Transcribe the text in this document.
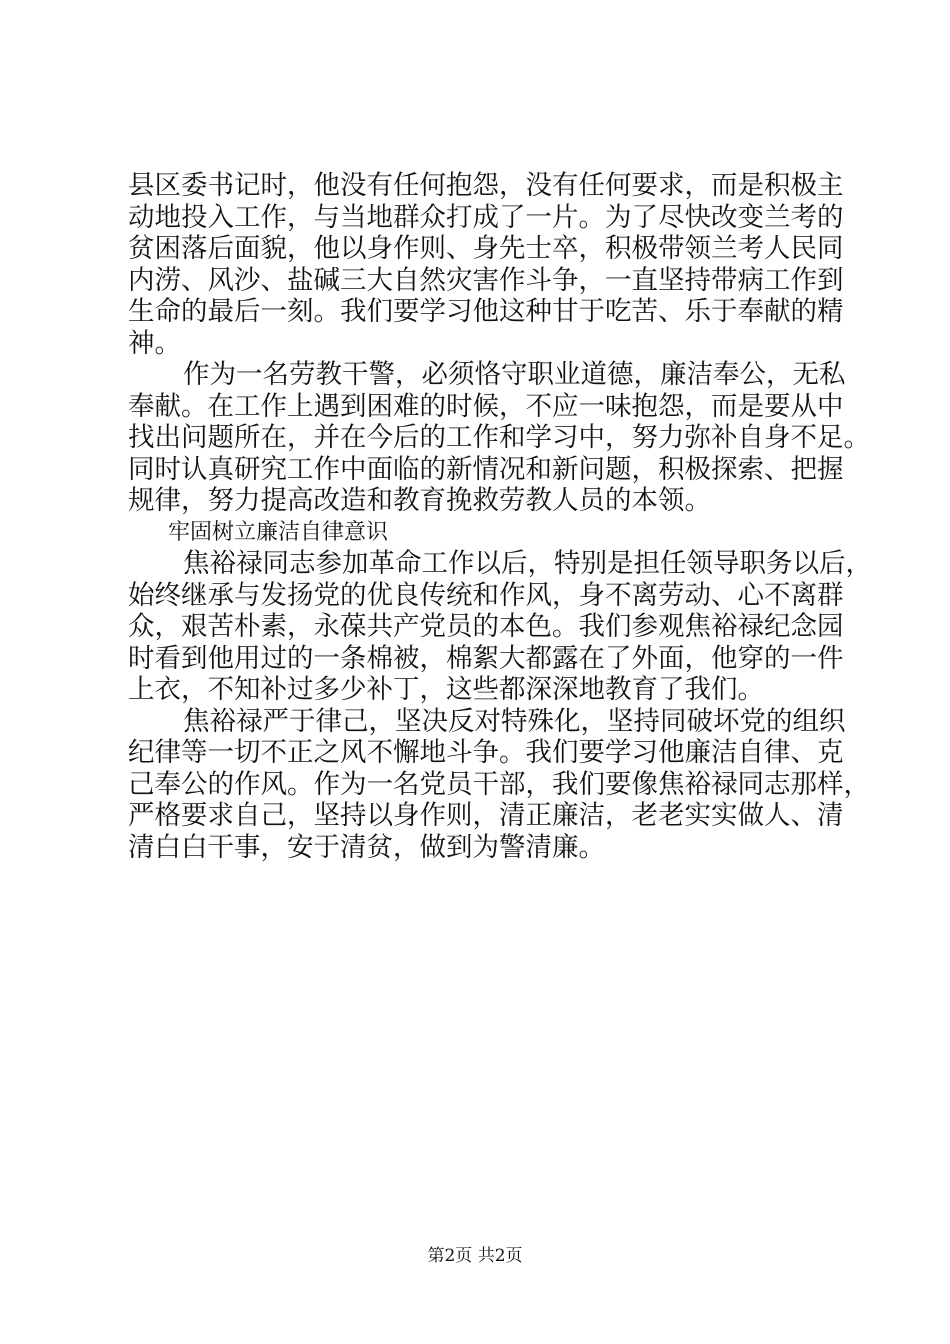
县区委书记时，他没有任何抱怨，没有任何要求，而是积极主
动地投入工作，与当地群众打成了一片。为了尽快改变兰考的
贫困落后面貌，他以身作则、身先士卒，积极带领兰考人民同
内涝、风沙、盐碱三大自然灾害作斗争，一直坚持带病工作到
生命的最后一刻。我们要学习他这种甘于吃苦、乐于奉献的精
神。
作为一名劳教干警，必须恪守职业道德，廉洁奉公，无私
奉献。在工作上遇到困难的时候，不应一味抱怨，而是要从中
找出问题所在，并在今后的工作和学习中，努力弥补自身不足。
同时认真研究工作中面临的新情况和新问题，积极探索、把握
规律，努力提高改造和教育挽救劳教人员的本领。
牢固树立廉洁自律意识
焦裕禄同志参加革命工作以后，特别是担任领导职务以后，
始终继承与发扬党的优良传统和作风，身不离劳动、心不离群
众，艰苦朴素，永葆共产党员的本色。我们参观焦裕禄纪念园
时看到他用过的一条棉被，棉絮大都露在了外面，他穿的一件
上衣，不知补过多少补丁，这些都深深地教育了我们。
焦裕禄严于律己，坚决反对特殊化，坚持同破坏党的组织
纪律等一切不正之风不懈地斗争。我们要学习他廉洁自律、克
己奉公的作风。作为一名党员干部，我们要像焦裕禄同志那样，
严格要求自己，坚持以身作则，清正廉洁，老老实实做人、清
清白白干事，安于清贫，做到为警清廉。
第2页 共2页
